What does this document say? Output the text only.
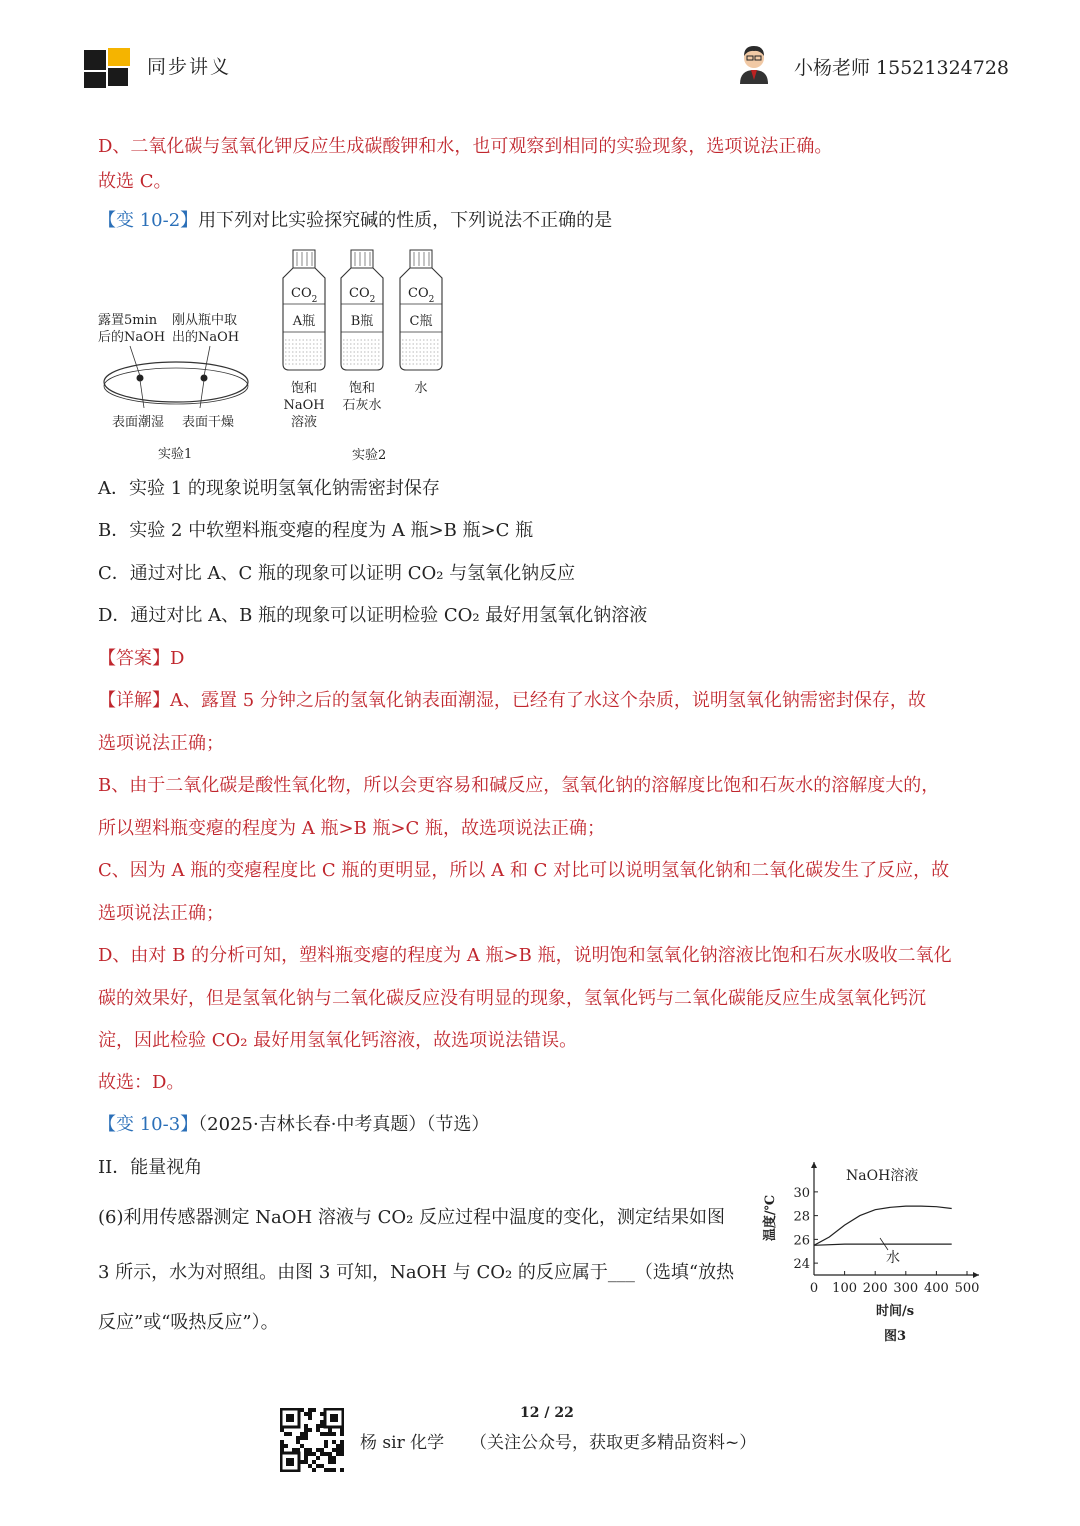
同步讲义	小杨老师 15521324728
D、二氧化碳与氢氧化钾反应生成碳酸钾和水，也可观察到相同的实验现象，选项说法正确。
故选 C。
【变 10-2】用下列对比实验探究碱的性质，下列说法不正确的是
露置5min
后的NaOH
刚从瓶中取
出的NaOH
表面潮湿 表面干燥
实验1
$CO_2$
A瓶
饱和
NaOH
溶液
$CO_2$
B瓶
饱和
石灰水
$CO_2$
C瓶
水
实验2
A．实验 1 的现象说明氢氧化钠需密封保存
B．实验 2 中软塑料瓶变瘪的程度为 A 瓶>B 瓶>C 瓶
C．通过对比 A、C 瓶的现象可以证明 CO₂ 与氢氧化钠反应
D．通过对比 A、B 瓶的现象可以证明检验 CO₂ 最好用氢氧化钠溶液
【答案】D
【详解】A、露置 5 分钟之后的氢氧化钠表面潮湿，已经有了水这个杂质，说明氢氧化钠需密封保存，故
选项说法正确；
B、由于二氧化碳是酸性氧化物，所以会更容易和碱反应，氢氧化钠的溶解度比饱和石灰水的溶解度大的，
所以塑料瓶变瘪的程度为 A 瓶>B 瓶>C 瓶，故选项说法正确；
C、因为 A 瓶的变瘪程度比 C 瓶的更明显，所以 A 和 C 对比可以说明氢氧化钠和二氧化碳发生了反应，故
选项说法正确；
D、由对 B 的分析可知，塑料瓶变瘪的程度为 A 瓶>B 瓶，说明饱和氢氧化钠溶液比饱和石灰水吸收二氧化
碳的效果好，但是氢氧化钠与二氧化碳反应没有明显的现象，氢氧化钙与二氧化碳能反应生成氢氧化钙沉
淀，因此检验 CO₂ 最好用氢氧化钙溶液，故选项说法错误。
故选：D。
【变 10-3】（2025·吉林长春·中考真题）（节选）
II．能量视角
(6)利用传感器测定 NaOH 溶液与 CO₂ 反应过程中温度的变化，测定结果如图
3 所示，水为对照组。由图 3 可知，NaOH 与 CO₂ 的反应属于___（选填“放热
反应”或“吸热反应”）。
温度/℃
时间/s
图3
24
26
28
30
0 100 200 300 400 500
NaOH溶液
水
12 / 22
杨 sir 化学 （关注公众号，获取更多精品资料~）
